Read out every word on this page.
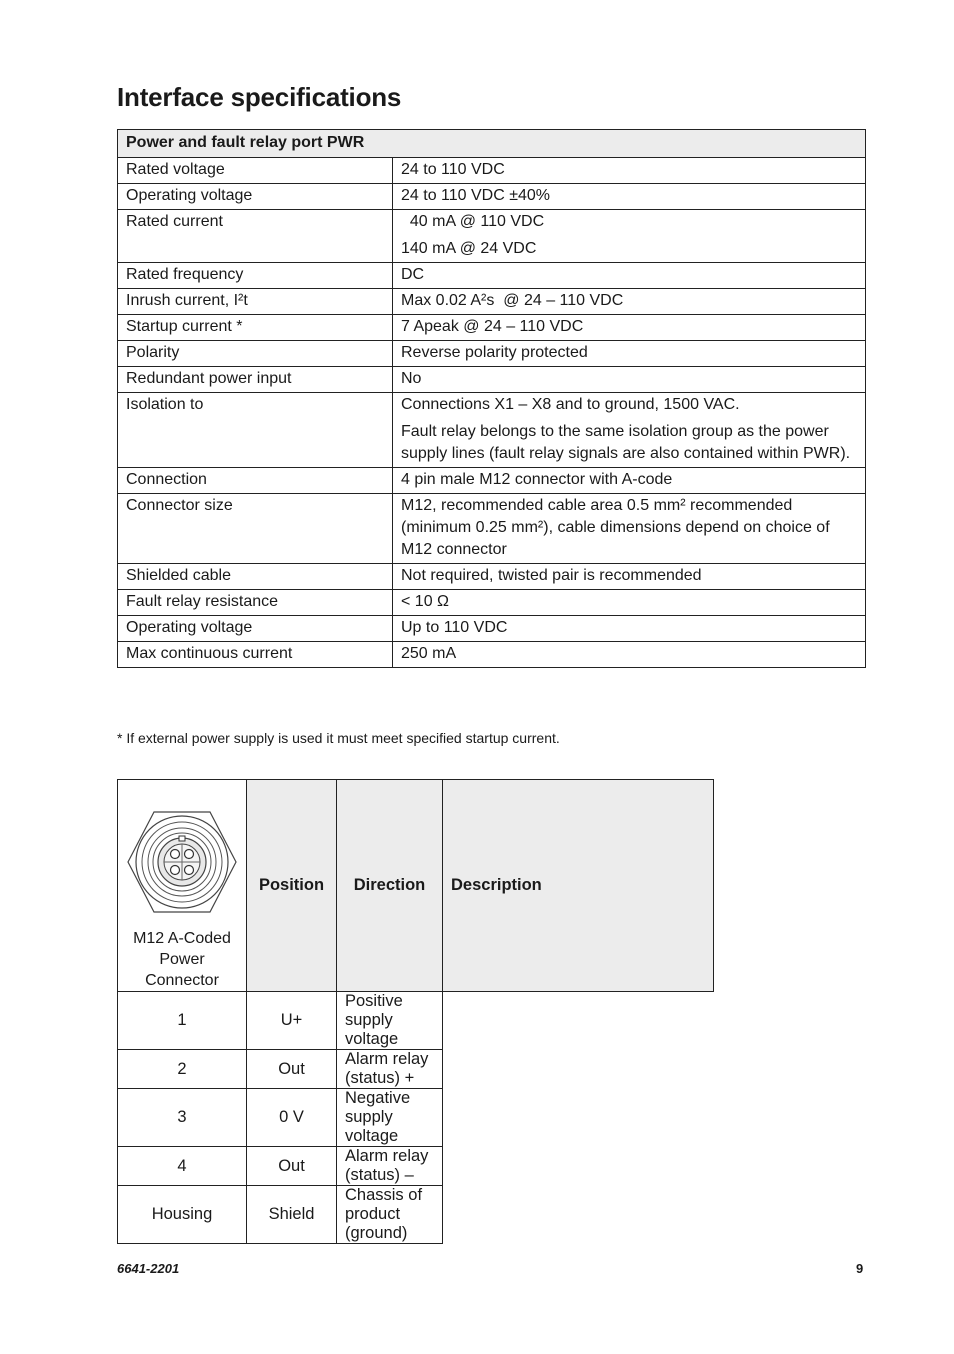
Interface specifications
Power and fault relay port PWR	
Rated voltage	24 to 110 VDC

Operating voltage	24 to 110 VDC ±40%

Rated current	40 mA @ 110 VDC
140 mA @ 24 VDC

Rated frequency	DC

Inrush current, I²t	Max 0.02 A²s  @ 24 – 110 VDC

Startup current *	7 Apeak @ 24 – 110 VDC

Polarity	Reverse polarity protected

Redundant power input	No

Isolation to	Connections X1 – X8 and to ground, 1500 VAC.
Fault relay belongs to the same isolation group as the power supply lines (fault relay signals are also contained within PWR).

Connection	4 pin male M12 connector with A-code

Connector size	M12, recommended cable area 0.5 mm² recommended (minimum 0.25 mm²), cable dimensions depend on choice of M12 connector

Shielded cable	Not required, twisted pair is recommended

Fault relay resistance	< 10 Ω

Operating voltage	Up to 110 VDC

Max continuous current	250 mA
* If external power supply is used it must meet specified startup current.
M12 A-Coded Power Connector	Position	Direction	Description
1	U+	Positive supply voltage	
2	Out	Alarm relay (status) +	
3	0 V	Negative supply voltage	
4	Out	Alarm relay (status) –	
Housing	Shield	Chassis of product (ground)	
6641-2201	9
